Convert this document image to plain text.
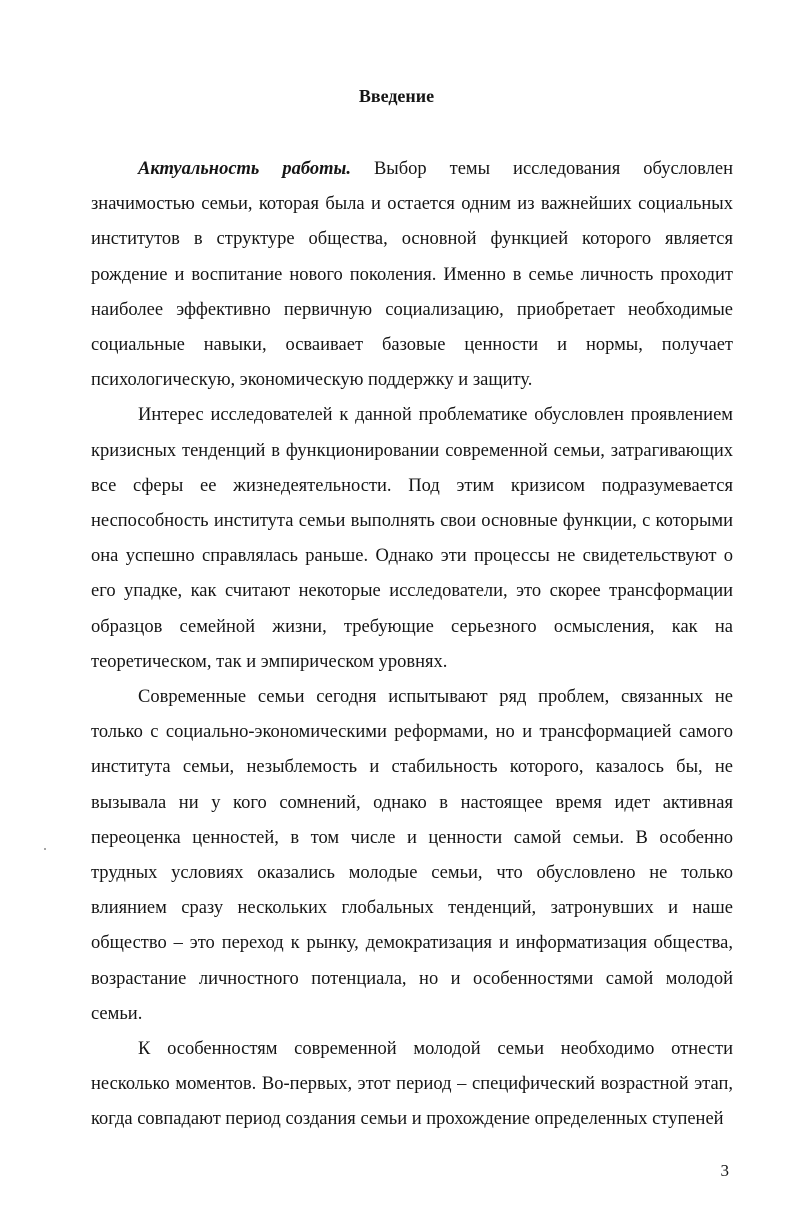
Введение

Актуальность работы. Выбор темы исследования обусловлен значимостью семьи, которая была и остается одним из важнейших социальных институтов в структуре общества, основной функцией которого является рождение и воспитание нового поколения. Именно в семье личность проходит наиболее эффективно первичную социализацию, приобретает необходимые социальные навыки, осваивает базовые ценности и нормы, получает психологическую, экономическую поддержку и защиту.

Интерес исследователей к данной проблематике обусловлен проявлением кризисных тенденций в функционировании современной семьи, затрагивающих все сферы ее жизнедеятельности. Под этим кризисом подразумевается неспособность института семьи выполнять свои основные функции, с которыми она успешно справлялась раньше. Однако эти процессы не свидетельствуют о его упадке, как считают некоторые исследователи, это скорее трансформации образцов семейной жизни, требующие серьезного осмысления, как на теоретическом, так и эмпирическом уровнях.

Современные семьи сегодня испытывают ряд проблем, связанных не только с социально-экономическими реформами, но и трансформацией самого института семьи, незыблемость и стабильность которого, казалось бы, не вызывала ни у кого сомнений, однако в настоящее время идет активная переоценка ценностей, в том числе и ценности самой семьи. В особенно трудных условиях оказались молодые семьи, что обусловлено не только влиянием сразу нескольких глобальных тенденций, затронувших и наше общество – это переход к рынку, демократизация и информатизация общества, возрастание личностного потенциала, но и особенностями самой молодой семьи.

К особенностям современной молодой семьи необходимо отнести несколько моментов. Во-первых, этот период – специфический возрастной этап, когда совпадают период создания семьи и прохождение определенных ступеней

3
